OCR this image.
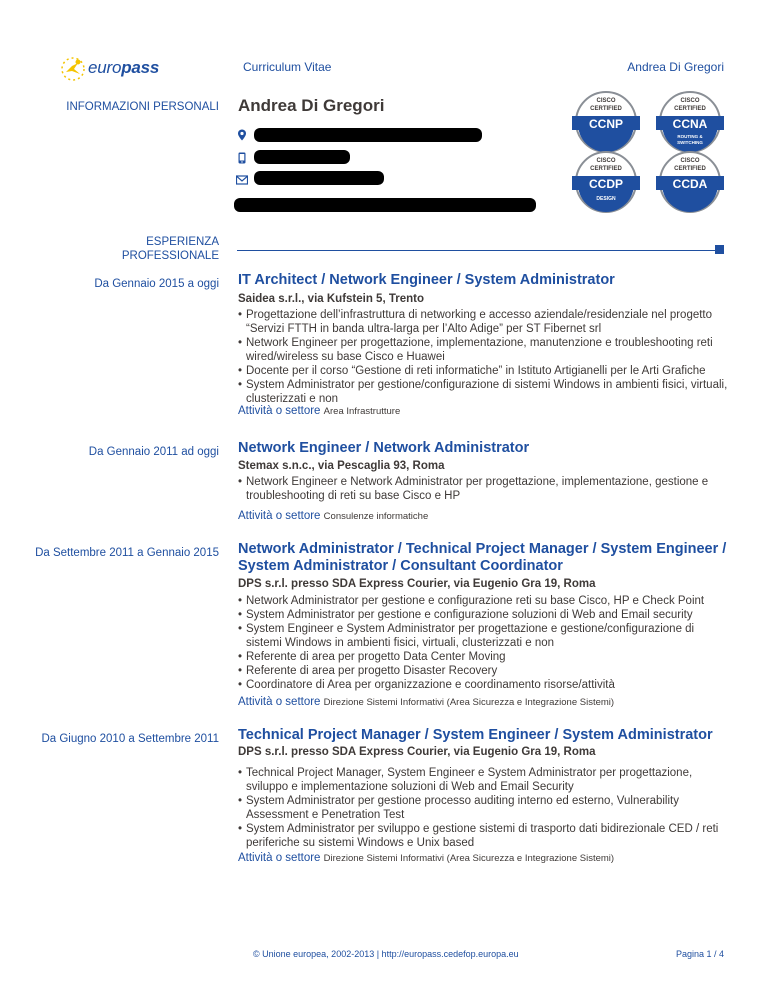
europass	Curriculum Vitae	Andrea Di Gregori
INFORMAZIONI PERSONALI Andrea Di Gregori	CISCO
CERTIFIED
CCNP
CISCO
CERTIFIED
CCNA
ROUTING &
SWITCHING
CISCO
CERTIFIED
CCDP
DESIGN
CISCO
CERTIFIED
CCDA
ESPERIENZA
PROFESSIONALE
Da Gennaio 2015 a oggi IT Architect / Network Engineer / System Administrator
Saidea s.r.l., via Kufstein 5, Trento
• Progettazione dell’infrastruttura di networking e accesso aziendale/residenziale nel progetto “Servizi FTTH in banda ultra-larga per l’Alto Adige” per ST Fibernet srl
• Network Engineer per progettazione, implementazione, manutenzione e troubleshooting reti wired/wireless su base Cisco e Huawei
• Docente per il corso “Gestione di reti informatiche” in Istituto Artigianelli per le Arti Grafiche
• System Administrator per gestione/configurazione di sistemi Windows in ambienti fisici, virtuali, clusterizzati e non
Attività o settore Area Infrastrutture
Da Gennaio 2011 ad oggi Network Engineer / Network Administrator
Stemax s.n.c., via Pescaglia 93, Roma
• Network Engineer e Network Administrator per progettazione, implementazione, gestione e troubleshooting di reti su base Cisco e HP
Attività o settore Consulenze informatiche
Da Settembre 2011 a Gennaio 2015 Network Administrator / Technical Project Manager / System Engineer / System Administrator / Consultant Coordinator
DPS s.r.l. presso SDA Express Courier, via Eugenio Gra 19, Roma
• Network Administrator per gestione e configurazione reti su base Cisco, HP e Check Point
• System Administrator per gestione e configurazione soluzioni di Web and Email security
• System Engineer e System Administrator per progettazione e gestione/configurazione di sistemi Windows in ambienti fisici, virtuali, clusterizzati e non
• Referente di area per progetto Data Center Moving
• Referente di area per progetto Disaster Recovery
• Coordinatore di Area per organizzazione e coordinamento risorse/attività
Attività o settore Direzione Sistemi Informativi (Area Sicurezza e Integrazione Sistemi)
Da Giugno 2010 a Settembre 2011 Technical Project Manager / System Engineer / System Administrator
DPS s.r.l. presso SDA Express Courier, via Eugenio Gra 19, Roma
• Technical Project Manager, System Engineer e System Administrator per progettazione, sviluppo e implementazione soluzioni di Web and Email Security
• System Administrator per gestione processo auditing interno ed esterno, Vulnerability Assessment e Penetration Test
• System Administrator per sviluppo e gestione sistemi di trasporto dati bidirezionale CED / reti periferiche su sistemi Windows e Unix based
Attività o settore Direzione Sistemi Informativi (Area Sicurezza e Integrazione Sistemi)
© Unione europea, 2002-2013 | http://europass.cedefop.europa.eu	Pagina 1 / 4
